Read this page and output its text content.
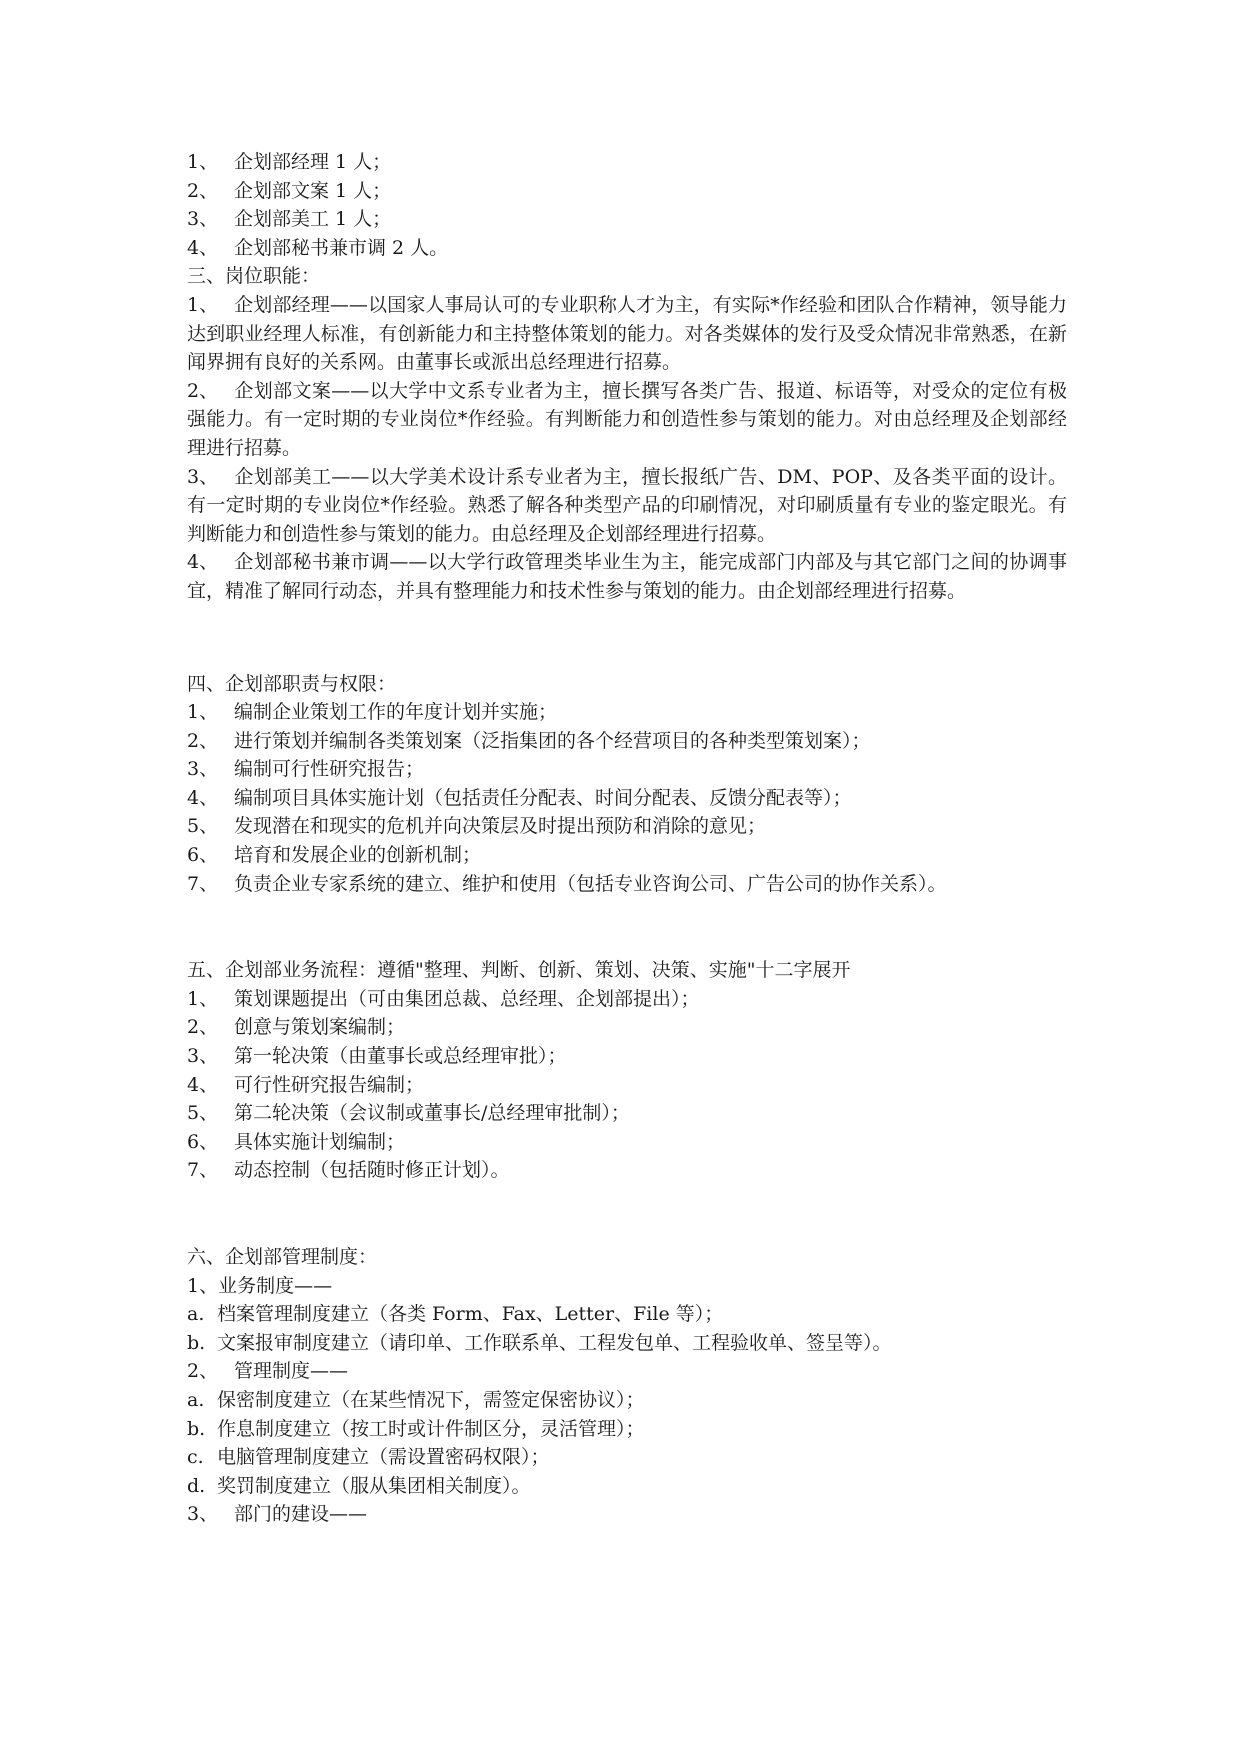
1、 企划部经理 1 人；

2、 企划部文案 1 人；

3、 企划部美工 1 人；

4、 企划部秘书兼市调 2 人。

三、岗位职能：

1、 企划部经理——以国家人事局认可的专业职称人才为主，有实际*作经验和团队合作精神，领导能力达到职业经理人标准，有创新能力和主持整体策划的能力。对各类媒体的发行及受众情况非常熟悉，在新闻界拥有良好的关系网。由董事长或派出总经理进行招募。

2、 企划部文案——以大学中文系专业者为主，擅长撰写各类广告、报道、标语等，对受众的定位有极强能力。有一定时期的专业岗位*作经验。有判断能力和创造性参与策划的能力。对由总经理及企划部经理进行招募。

3、 企划部美工——以大学美术设计系专业者为主，擅长报纸广告、DM、POP、及各类平面的设计。有一定时期的专业岗位*作经验。熟悉了解各种类型产品的印刷情况，对印刷质量有专业的鉴定眼光。有判断能力和创造性参与策划的能力。由总经理及企划部经理进行招募。

4、 企划部秘书兼市调——以大学行政管理类毕业生为主，能完成部门内部及与其它部门之间的协调事宜，精准了解同行动态，并具有整理能力和技术性参与策划的能力。由企划部经理进行招募。

四、企划部职责与权限：

1、 编制企业策划工作的年度计划并实施；

2、 进行策划并编制各类策划案（泛指集团的各个经营项目的各种类型策划案）；

3、 编制可行性研究报告；

4、 编制项目具体实施计划（包括责任分配表、时间分配表、反馈分配表等）；

5、 发现潜在和现实的危机并向决策层及时提出预防和消除的意见；

6、 培育和发展企业的创新机制；

7、 负责企业专家系统的建立、维护和使用（包括专业咨询公司、广告公司的协作关系）。

五、企划部业务流程：遵循"整理、判断、创新、策划、决策、实施"十二字展开

1、 策划课题提出（可由集团总裁、总经理、企划部提出）；

2、 创意与策划案编制；

3、 第一轮决策（由董事长或总经理审批）；

4、 可行性研究报告编制；

5、 第二轮决策（会议制或董事长/总经理审批制）；

6、 具体实施计划编制；

7、 动态控制（包括随时修正计划）。

六、企划部管理制度：

1、业务制度——

a. 档案管理制度建立（各类 Form、Fax、Letter、File 等）；

b. 文案报审制度建立（请印单、工作联系单、工程发包单、工程验收单、签呈等）。

2、 管理制度——

a. 保密制度建立（在某些情况下，需签定保密协议）；

b. 作息制度建立（按工时或计件制区分，灵活管理）；

c. 电脑管理制度建立（需设置密码权限）；

d. 奖罚制度建立（服从集团相关制度）。

3、 部门的建设——
